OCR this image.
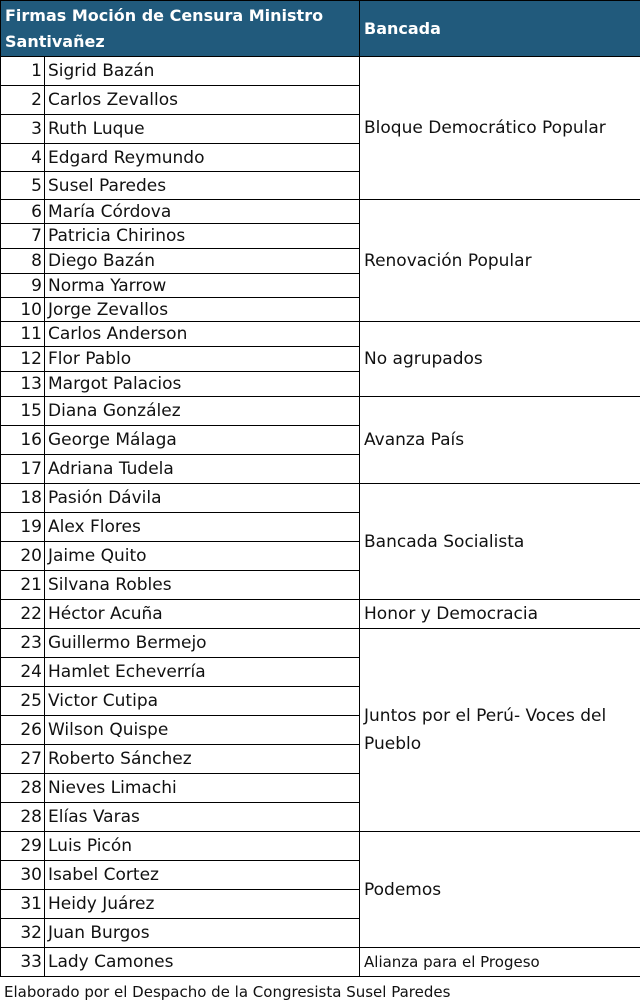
Firmas Moción de Censura Ministro Santivañez		Bancada
1	Sigrid Bazán	Bloque Democrático Popular
2	Carlos Zevallos	
3	Ruth Luque	
4	Edgard Reymundo	
5	Susel Paredes	
6	María Córdova	Renovación Popular
7	Patricia Chirinos	
8	Diego Bazán	
9	Norma Yarrow	
10	Jorge Zevallos	
11	Carlos Anderson	No agrupados
12	Flor Pablo	
13	Margot Palacios	
15	Diana González	Avanza País
16	George Málaga	
17	Adriana Tudela	
18	Pasión Dávila	Bancada Socialista
19	Alex Flores	
20	Jaime Quito	
21	Silvana Robles	
22	Héctor Acuña	Honor y Democracia
23	Guillermo Bermejo	Juntos por el Perú- Voces del Pueblo
24	Hamlet Echeverría	
25	Victor Cutipa	
26	Wilson Quispe	
27	Roberto Sánchez	
28	Nieves Limachi	
28	Elías Varas	
29	Luis Picón	Podemos
30	Isabel Cortez	
31	Heidy Juárez	
32	Juan Burgos	
33	Lady Camones	Alianza para el Progeso
Elaborado por el Despacho de la Congresista Susel Paredes
